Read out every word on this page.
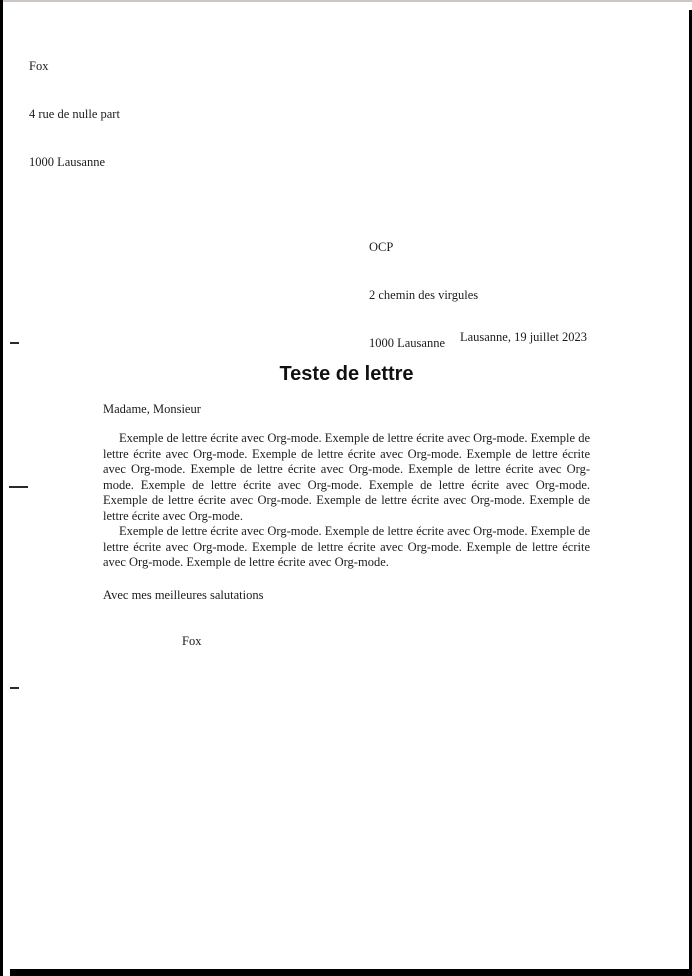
Fox

4 rue de nulle part

1000 Lausanne

OCP

2 chemin des virgules

1000 Lausanne

	Lausanne, 19 juillet 2023
Teste de lettre
Madame, Monsieur

Exemple de lettre écrite avec Org-mode. Exemple de lettre écrite avec Org-mode. Exemple de lettre écrite avec Org-mode. Exemple de lettre écrite avec Org-mode. Exemple de lettre écrite avec Org-mode. Exemple de lettre écrite avec Org-mode. Exemple de lettre écrite avec Org-mode. Exemple de lettre écrite avec Org-mode. Exemple de lettre écrite avec Org-mode. Exemple de lettre écrite avec Org-mode. Exemple de lettre écrite avec Org-mode. Exemple de lettre écrite avec Org-mode.

Exemple de lettre écrite avec Org-mode. Exemple de lettre écrite avec Org-mode. Exemple de lettre écrite avec Org-mode. Exemple de lettre écrite avec Org-mode. Exemple de lettre écrite avec Org-mode. Exemple de lettre écrite avec Org-mode.

Avec mes meilleures salutations
Fox
